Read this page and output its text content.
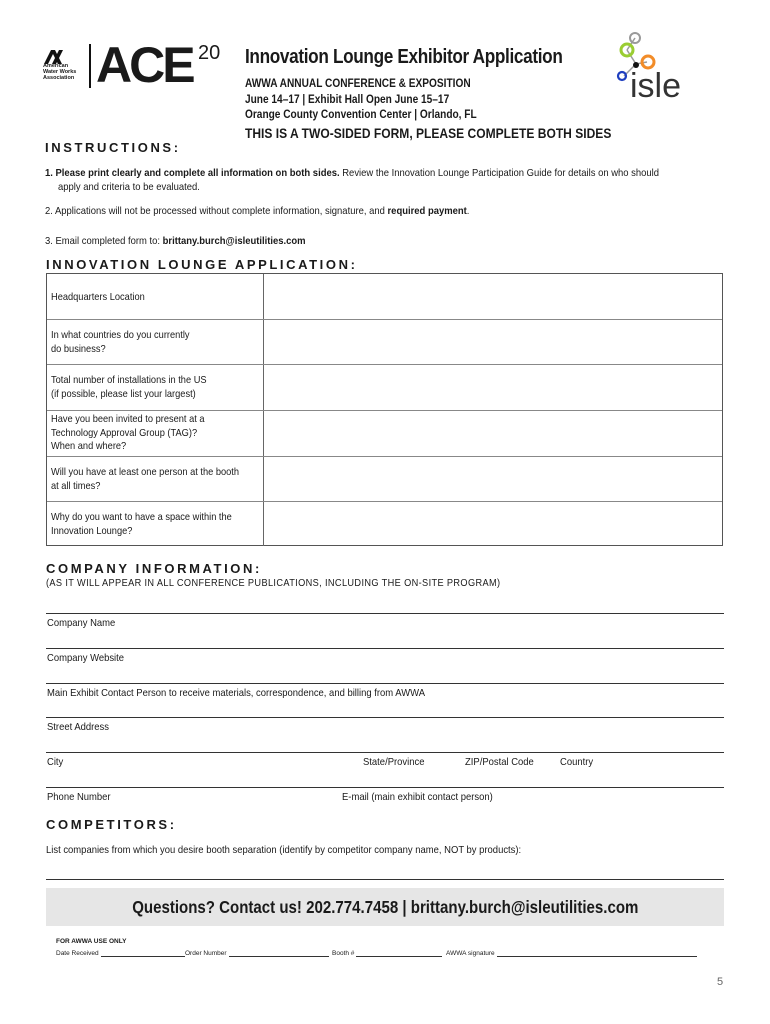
American Water Works Association ACE 20 Innovation Lounge Exhibitor Application
AWWA ANNUAL CONFERENCE & EXPOSITION
June 14–17 | Exhibit Hall Open June 15–17
Orange County Convention Center | Orlando, FL
THIS IS A TWO-SIDED FORM, PLEASE COMPLETE BOTH SIDES
isle
INSTRUCTIONS:
1. Please print clearly and complete all information on both sides. Review the Innovation Lounge Participation Guide for details on who should
apply and criteria to be evaluated.
2. Applications will not be processed without complete information, signature, and required payment.
3. Email completed form to: brittany.burch@isleutilities.com
INNOVATION LOUNGE APPLICATION:
Headquarters Location
In what countries do you currently
do business?
Total number of installations in the US
(if possible, please list your largest)
Have you been invited to present at a
Technology Approval Group (TAG)?
When and where?
Will you have at least one person at the booth
at all times?
Why do you want to have a space within the
Innovation Lounge?
COMPANY INFORMATION:
(AS IT WILL APPEAR IN ALL CONFERENCE PUBLICATIONS, INCLUDING THE ON-SITE PROGRAM)
Company Name
Company Website
Main Exhibit Contact Person to receive materials, correspondence, and billing from AWWA
Street Address
City	State/Province	ZIP/Postal Code Country
Phone Number	E-mail (main exhibit contact person)
COMPETITORS:
List companies from which you desire booth separation (identify by competitor company name, NOT by products):
Questions? Contact us! 202.774.7458 | brittany.burch@isleutilities.com
FOR AWWA USE ONLY
Date Received	Order Number	Booth #	AWWA signature
5
